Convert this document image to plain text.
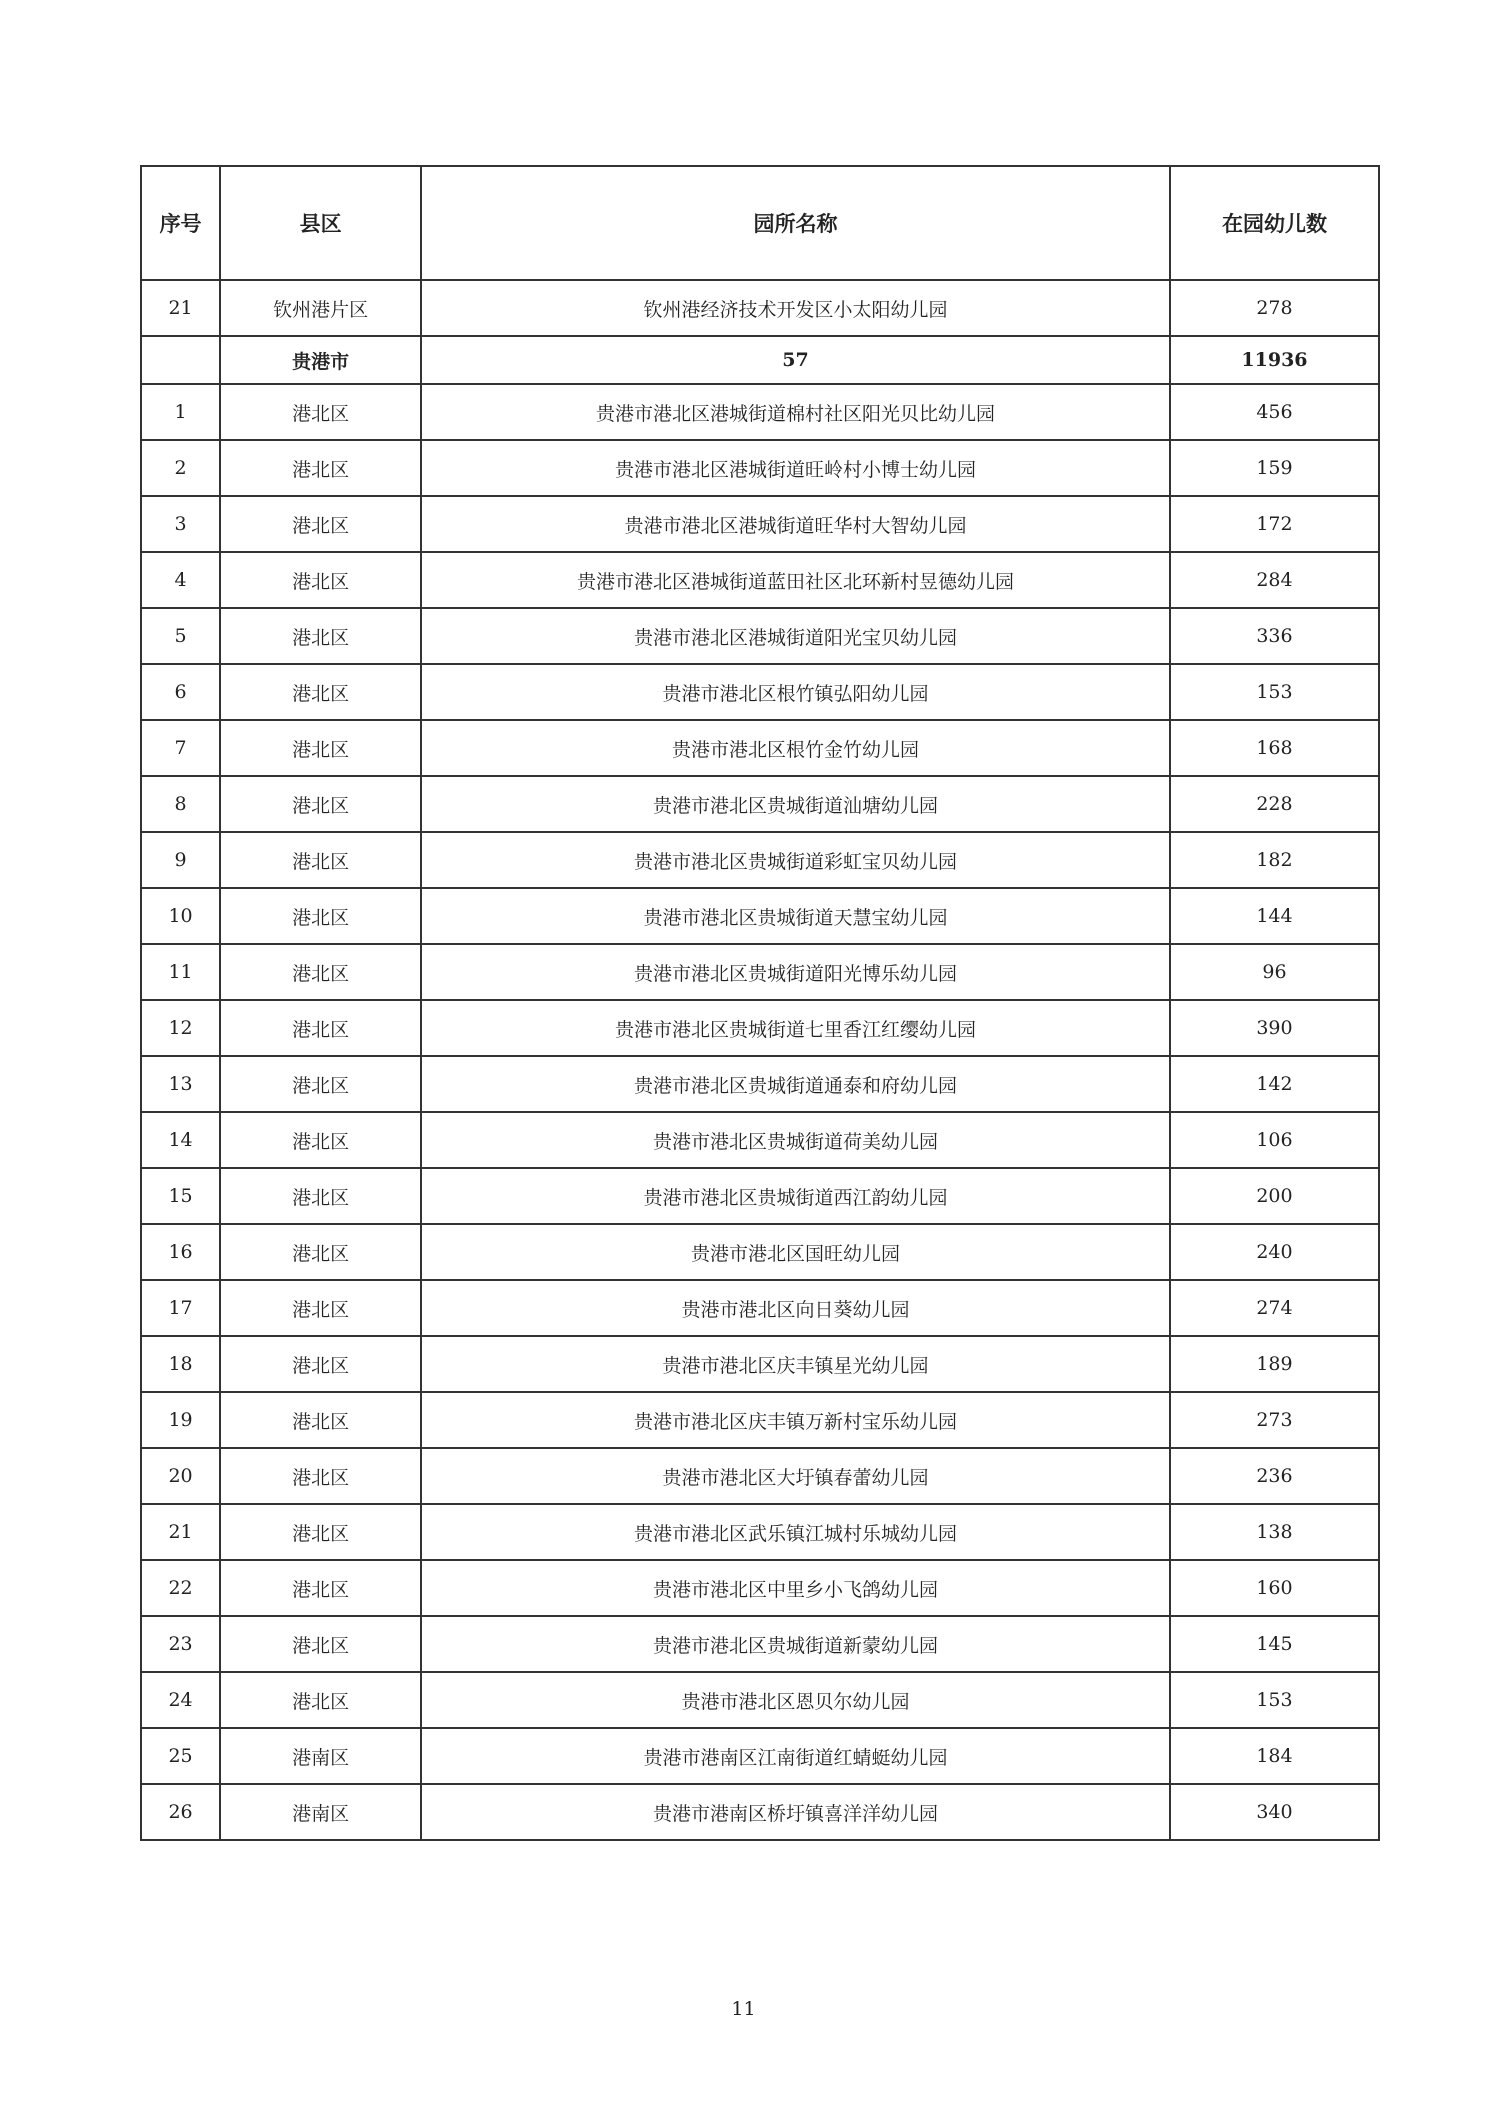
序号	县区	园所名称	在园幼儿数
21	钦州港片区	钦州港经济技术开发区小太阳幼儿园	278
	贵港市	57	11936
1	港北区	贵港市港北区港城街道棉村社区阳光贝比幼儿园	456
2	港北区	贵港市港北区港城街道旺岭村小博士幼儿园	159
3	港北区	贵港市港北区港城街道旺华村大智幼儿园	172
4	港北区	贵港市港北区港城街道蓝田社区北环新村昱德幼儿园	284
5	港北区	贵港市港北区港城街道阳光宝贝幼儿园	336
6	港北区	贵港市港北区根竹镇弘阳幼儿园	153
7	港北区	贵港市港北区根竹金竹幼儿园	168
8	港北区	贵港市港北区贵城街道汕塘幼儿园	228
9	港北区	贵港市港北区贵城街道彩虹宝贝幼儿园	182
10	港北区	贵港市港北区贵城街道天慧宝幼儿园	144
11	港北区	贵港市港北区贵城街道阳光博乐幼儿园	96
12	港北区	贵港市港北区贵城街道七里香江红缨幼儿园	390
13	港北区	贵港市港北区贵城街道通泰和府幼儿园	142
14	港北区	贵港市港北区贵城街道荷美幼儿园	106
15	港北区	贵港市港北区贵城街道西江韵幼儿园	200
16	港北区	贵港市港北区国旺幼儿园	240
17	港北区	贵港市港北区向日葵幼儿园	274
18	港北区	贵港市港北区庆丰镇星光幼儿园	189
19	港北区	贵港市港北区庆丰镇万新村宝乐幼儿园	273
20	港北区	贵港市港北区大圩镇春蕾幼儿园	236
21	港北区	贵港市港北区武乐镇江城村乐城幼儿园	138
22	港北区	贵港市港北区中里乡小飞鸽幼儿园	160
23	港北区	贵港市港北区贵城街道新蒙幼儿园	145
24	港北区	贵港市港北区恩贝尔幼儿园	153
25	港南区	贵港市港南区江南街道红蜻蜓幼儿园	184
26	港南区	贵港市港南区桥圩镇喜洋洋幼儿园	340
11
